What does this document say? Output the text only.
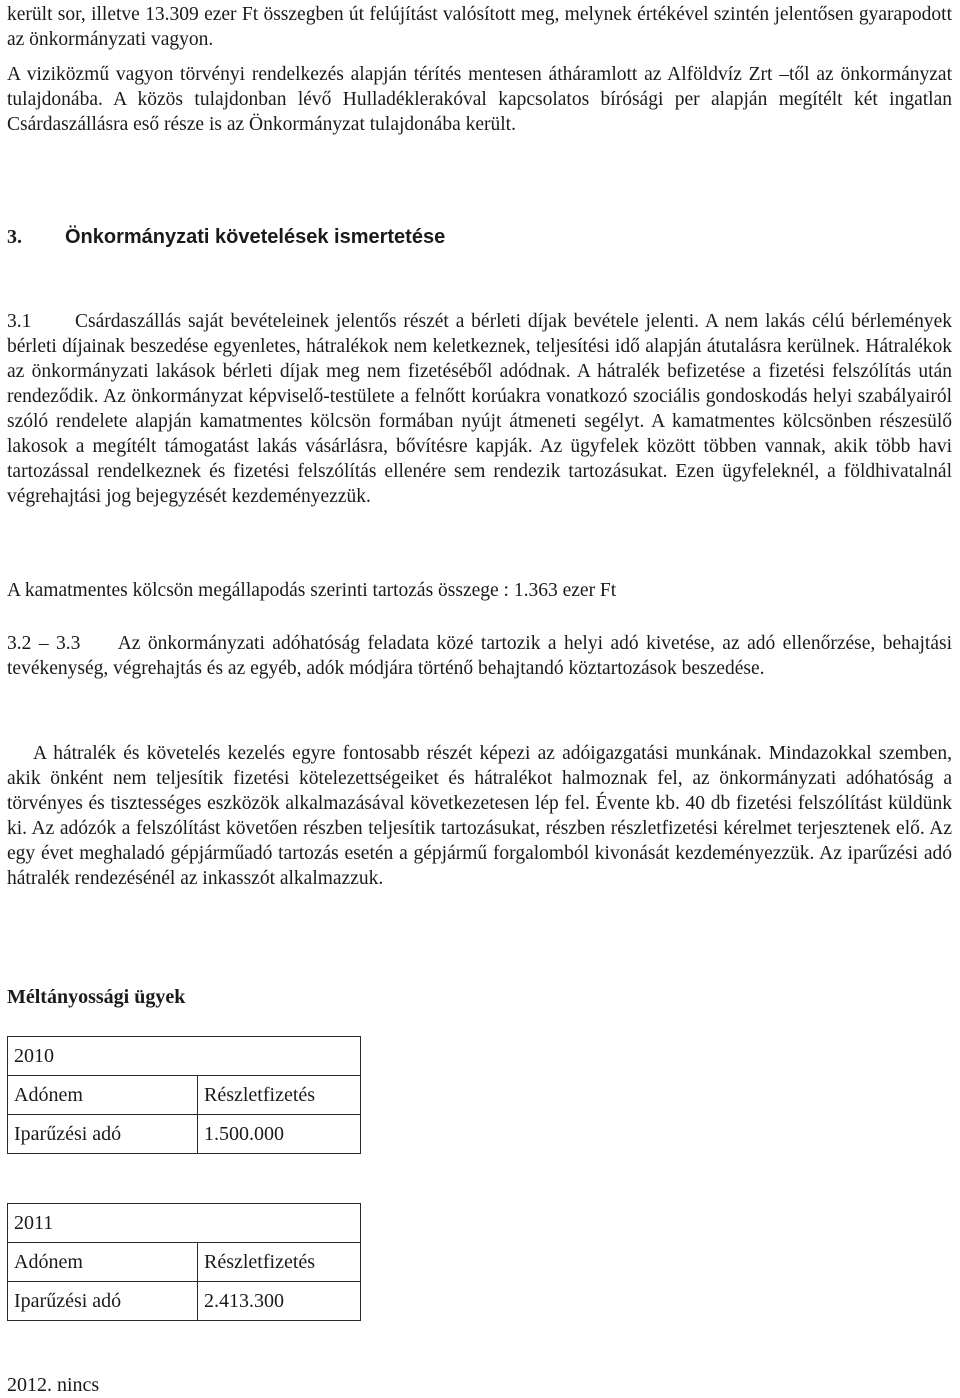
került sor, illetve 13.309 ezer Ft összegben út felújítást valósított meg, melynek értékével szintén jelentősen gyarapodott az önkormányzati vagyon.

A viziközmű vagyon törvényi rendelkezés alapján térítés mentesen átháramlott az Alföldvíz Zrt –től az önkormányzat tulajdonába. A közös tulajdonban lévő Hulladéklerakóval kapcsolatos bírósági per alapján megítélt két ingatlan Csárdaszállásra eső része is az Önkormányzat tulajdonába került.

3. Önkormányzati követelések ismertetése

3.1 Csárdaszállás saját bevételeinek jelentős részét a bérleti díjak bevétele jelenti. A nem lakás célú bérlemények bérleti díjainak beszedése egyenletes, hátralékok nem keletkeznek, teljesítési idő alapján átutalásra kerülnek. Hátralékok az önkormányzati lakások bérleti díjak meg nem fizetéséből adódnak. A hátralék befizetése a fizetési felszólítás után rendeződik. Az önkormányzat képviselő-testülete a felnőtt korúakra vonatkozó szociális gondoskodás helyi szabályairól szóló rendelete alapján kamatmentes kölcsön formában nyújt átmeneti segélyt. A kamatmentes kölcsönben részesülő lakosok a megítélt támogatást lakás vásárlásra, bővítésre kapják. Az ügyfelek között többen vannak, akik több havi tartozással rendelkeznek és fizetési felszólítás ellenére sem rendezik tartozásukat. Ezen ügyfeleknél, a földhivatalnál végrehajtási jog bejegyzését kezdeményezzük.

A kamatmentes kölcsön megállapodás szerinti tartozás összege : 1.363 ezer Ft

3.2 – 3.3 Az önkormányzati adóhatóság feladata közé tartozik a helyi adó kivetése, az adó ellenőrzése, behajtási tevékenység, végrehajtás és az egyéb, adók módjára történő behajtandó köztartozások beszedése.

A hátralék és követelés kezelés egyre fontosabb részét képezi az adóigazgatási munkának. Mindazokkal szemben, akik önként nem teljesítik fizetési kötelezettségeiket és hátralékot halmoznak fel, az önkormányzati adóhatóság a törvényes és tisztességes eszközök alkalmazásával következetesen lép fel. Évente kb. 40 db fizetési felszólítást küldünk ki. Az adózók a felszólítást követően részben teljesítik tartozásukat, részben részletfizetési kérelmet terjesztenek elő. Az egy évet meghaladó gépjárműadó tartozás esetén a gépjármű forgalomból kivonását kezdeményezzük. Az iparűzési adó hátralék rendezésénél az inkasszót alkalmazzuk.

Méltányossági ügyek

2010	
Adónem	Részletfizetés
Iparűzési adó	1.500.000
2011	
Adónem	Részletfizetés
Iparűzési adó	2.413.300
2012. nincs
